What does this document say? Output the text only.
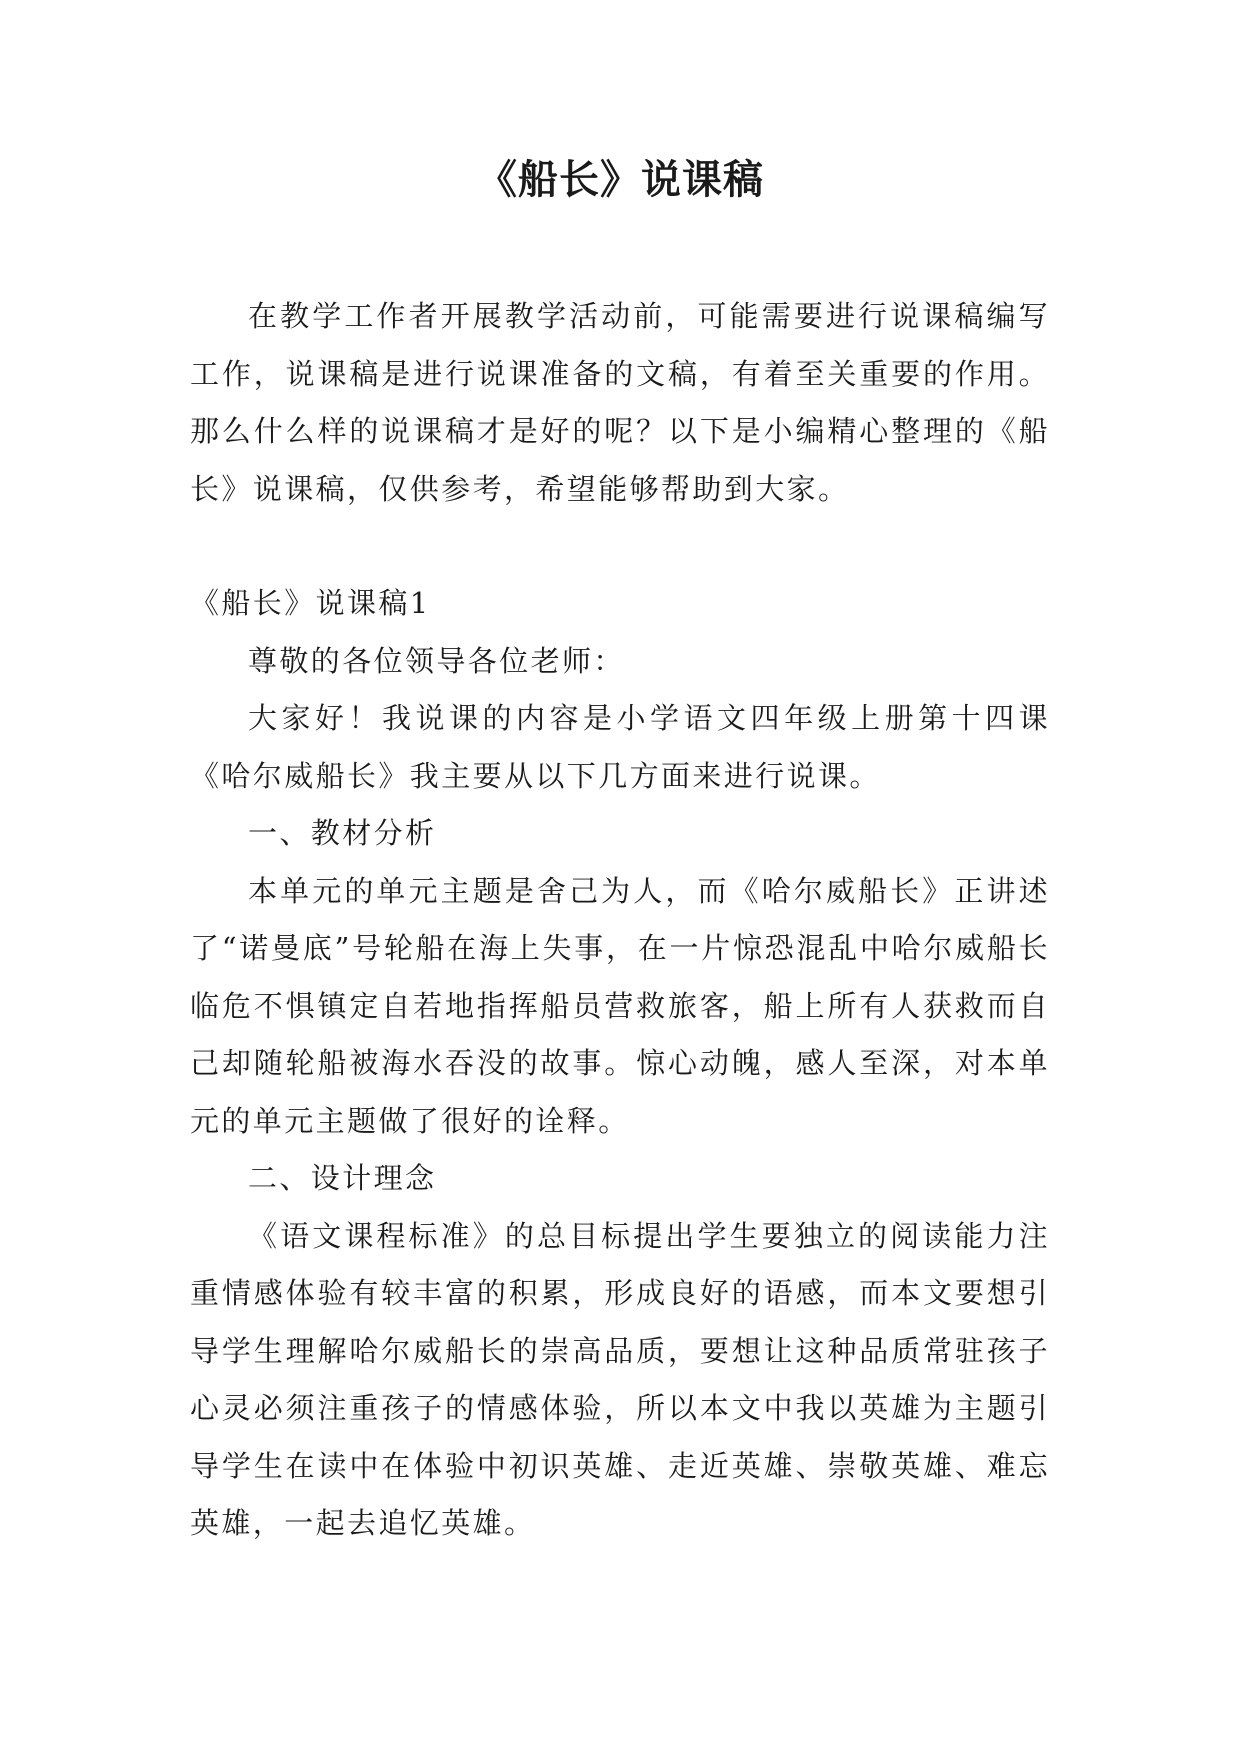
《船长》说课稿

在教学工作者开展教学活动前，可能需要进行说课稿编写工作，说课稿是进行说课准备的文稿，有着至关重要的作用。那么什么样的说课稿才是好的呢？以下是小编精心整理的《船长》说课稿，仅供参考，希望能够帮助到大家。

《船长》说课稿1

尊敬的各位领导各位老师：

大家好！我说课的内容是小学语文四年级上册第十四课《哈尔威船长》我主要从以下几方面来进行说课。

一、教材分析

本单元的单元主题是舍己为人，而《哈尔威船长》正讲述了“诺曼底”号轮船在海上失事，在一片惊恐混乱中哈尔威船长临危不惧镇定自若地指挥船员营救旅客，船上所有人获救而自己却随轮船被海水吞没的故事。惊心动魄，感人至深，对本单元的单元主题做了很好的诠释。

二、设计理念

《语文课程标准》的总目标提出学生要独立的阅读能力注重情感体验有较丰富的积累，形成良好的语感，而本文要想引导学生理解哈尔威船长的崇高品质，要想让这种品质常驻孩子心灵必须注重孩子的情感体验，所以本文中我以英雄为主题引导学生在读中在体验中初识英雄、走近英雄、崇敬英雄、难忘英雄，一起去追忆英雄。
